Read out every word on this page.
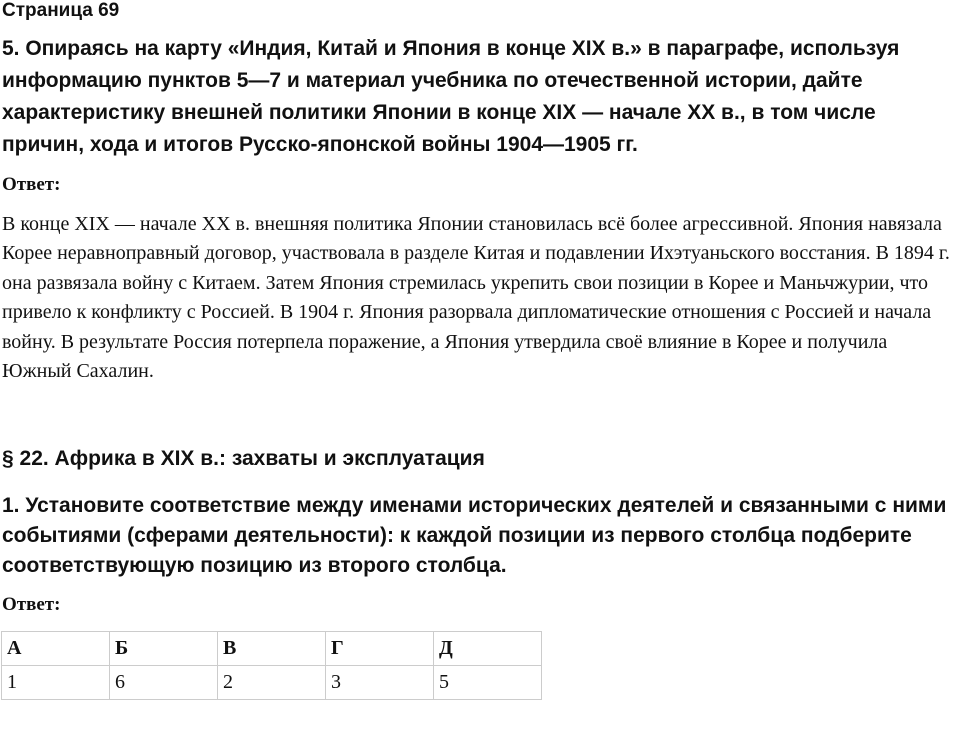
Страница 69

5. Опираясь на карту «Индия, Китай и Япония в конце XIX в.» в параграфе, используя информацию пунктов 5—7 и материал учебника по отечественной истории, дайте характеристику внешней политики Японии в конце XIX — начале XX в., в том числе причин, хода и итогов Русско-японской войны 1904—1905 гг.

Ответ:

В конце XIX — начале XX в. внешняя политика Японии становилась всё более агрессивной. Япония навязала Корее неравноправный договор, участвовала в разделе Китая и подавлении Ихэтуаньского восстания. В 1894 г. она развязала войну с Китаем. Затем Япония стремилась укрепить свои позиции в Корее и Маньчжурии, что привело к конфликту с Россией. В 1904 г. Япония разорвала дипломатические отношения с Россией и начала войну. В результате Россия потерпела поражение, а Япония утвердила своё влияние в Корее и получила Южный Сахалин.

§ 22. Африка в XIX в.: захваты и эксплуатация

1. Установите соответствие между именами исторических деятелей и связанными с ними событиями (сферами деятельности): к каждой позиции из первого столбца подберите соответствующую позицию из второго столбца.

Ответ:

А	Б	В	Г	Д
1	6	2	3	5
